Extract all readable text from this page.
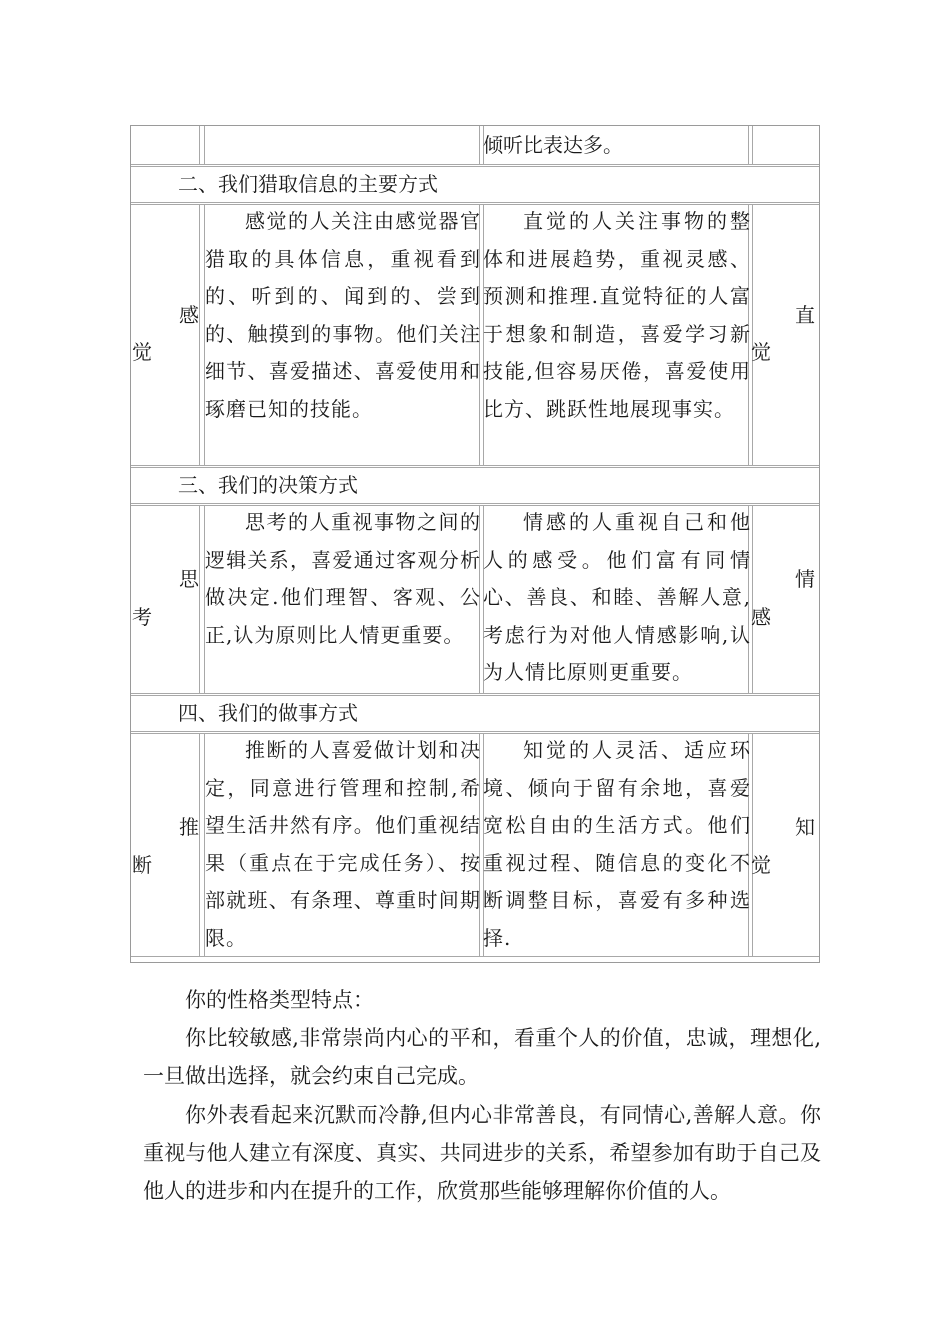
倾听比表达多。
二、我们猎取信息的主要方式
感
觉
感觉的人关注由感觉器官猎取的具体信息，重视看到的、听到的、闻到的、尝到的、触摸到的事物。他们关注细节、喜爱描述、喜爱使用和琢磨已知的技能。
直觉的人关注事物的整体和进展趋势，重视灵感、预测和推理.直觉特征的人富于想象和制造，喜爱学习新技能,但容易厌倦，喜爱使用比方、跳跃性地展现事实。
直
觉
三、我们的决策方式
思
考
思考的人重视事物之间的逻辑关系，喜爱通过客观分析做决定.他们理智、客观、公正,认为原则比人情更重要。
情感的人重视自己和他人的感受。他们富有同情心、善良、和睦、善解人意,考虑行为对他人情感影响,认为人情比原则更重要。
情
感
四、我们的做事方式
推
断
推断的人喜爱做计划和决定，同意进行管理和控制,希望生活井然有序。他们重视结果（重点在于完成任务）、按部就班、有条理、尊重时间期限。
知觉的人灵活、适应环境、倾向于留有余地，喜爱宽松自由的生活方式。他们重视过程、随信息的变化不断调整目标，喜爱有多种选择.
知
觉
你的性格类型特点：
你比较敏感,非常崇尚内心的平和，看重个人的价值，忠诚，理想化,一旦做出选择，就会约束自己完成。
你外表看起来沉默而冷静,但内心非常善良，有同情心,善解人意。你重视与他人建立有深度、真实、共同进步的关系，希望参加有助于自己及他人的进步和内在提升的工作，欣赏那些能够理解你价值的人。
